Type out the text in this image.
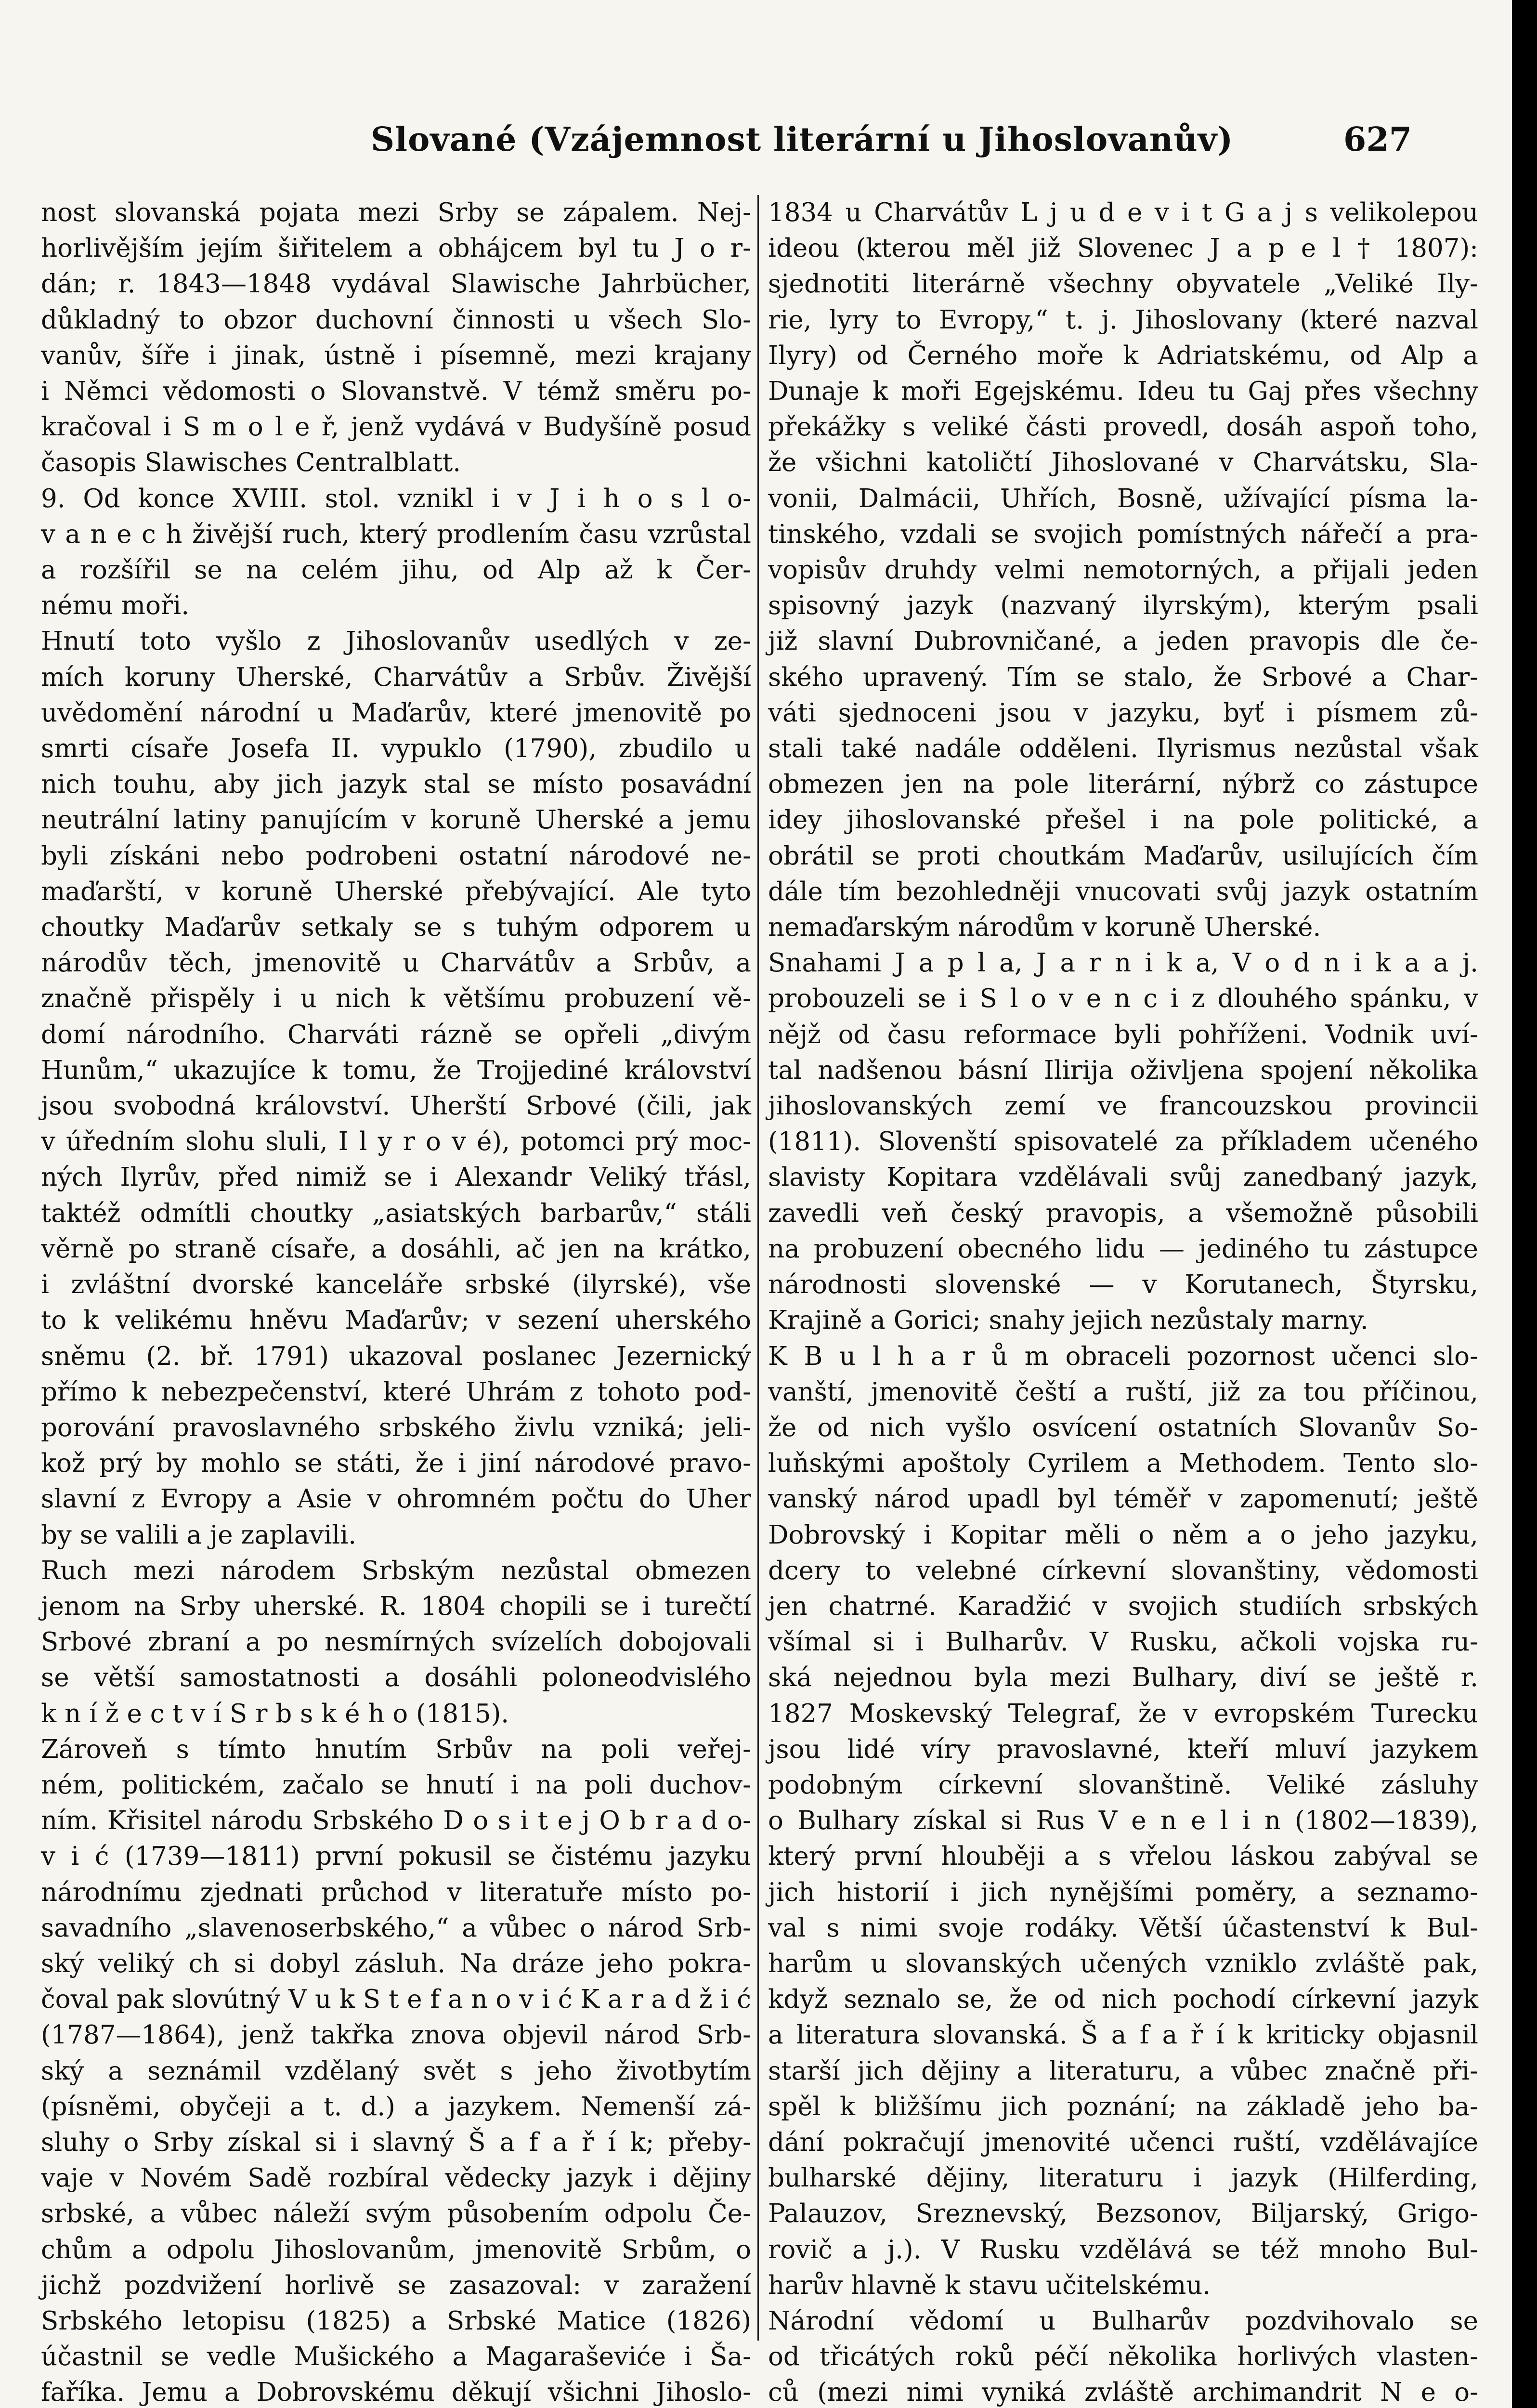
Slované (Vzájemnost literární u Jihoslovanův)	627

nost slovanská pojata mezi Srby se zápalem. Nej-

horlivějším jejím šiřitelem a obhájcem byl tu J o r-

dán; r. 1843—1848 vydával Slawische Jahrbücher,

důkladný to obzor duchovní činnosti u všech Slo-

vanův, šíře i jinak, ústně i písemně, mezi krajany

i Němci vědomosti o Slovanstvě. V témž směru po-

kračoval i S m o l e ř, jenž vydává v Budyšíně posud

časopis Slawisches Centralblatt.

9. Od konce XVIII. stol. vznikl i v J i h o s l o-

v a n e c h živější ruch, který prodlením času vzrůstal

a rozšířil se na celém jihu, od Alp až k Čer-

nému moři.

Hnutí toto vyšlo z Jihoslovanův usedlých v ze-

mích koruny Uherské, Charvátův a Srbův. Živější

uvědomění národní u Maďarův, které jmenovitě po

smrti císaře Josefa II. vypuklo (1790), zbudilo u

nich touhu, aby jich jazyk stal se místo posavádní

neutrální latiny panujícím v koruně Uherské a jemu

byli získáni nebo podrobeni ostatní národové ne-

maďarští, v koruně Uherské přebývající. Ale tyto

choutky Maďarův setkaly se s tuhým odporem u

národův těch, jmenovitě u Charvátův a Srbův, a

značně přispěly i u nich k většímu probuzení vě-

domí národního. Charváti rázně se opřeli „divým

Hunům,“ ukazujíce k tomu, že Trojjediné království

jsou svobodná království. Uherští Srbové (čili, jak

v úředním slohu sluli, I l y r o v é), potomci prý moc-

ných Ilyrův, před nimiž se i Alexandr Veliký třásl,

taktéž odmítli choutky „asiatských barbarův,“ stáli

věrně po straně císaře, a dosáhli, ač jen na krátko,

i zvláštní dvorské kanceláře srbské (ilyrské), vše

to k velikému hněvu Maďarův; v sezení uherského

sněmu (2. bř. 1791) ukazoval poslanec Jezernický

přímo k nebezpečenství, které Uhrám z tohoto pod-

porování pravoslavného srbského živlu vzniká; jeli-

kož prý by mohlo se státi, že i jiní národové pravo-

slavní z Evropy a Asie v ohromném počtu do Uher

by se valili a je zaplavili.

Ruch mezi národem Srbským nezůstal obmezen

jenom na Srby uherské. R. 1804 chopili se i turečtí

Srbové zbraní a po nesmírných svízelích dobojovali

se větší samostatnosti a dosáhli poloneodvislého

k n í ž e c t v í S r b s k é h o (1815).

Zároveň s tímto hnutím Srbův na poli veřej-

ném, politickém, začalo se hnutí i na poli duchov-

ním. Křisitel národu Srbského D o s i t e j O b r a d o-

v i ć (1739—1811) první pokusil se čistému jazyku

národnímu zjednati průchod v literatuře místo po-

savadního „slavenoserbského,“ a vůbec o národ Srb-

ský veliký ch si dobyl zásluh. Na dráze jeho pokra-

čoval pak slovútný V u k S t e f a n o v i ć K a r a d ž i ć

(1787—1864), jenž takřka znova objevil národ Srb-

ský a seznámil vzdělaný svět s jeho životbytím

(písněmi, obyčeji a t. d.) a jazykem. Nemenší zá-

sluhy o Srby získal si i slavný Š a f a ř í k; přeby-

vaje v Novém Sadě rozbíral vědecky jazyk i dějiny

srbské, a vůbec náleží svým působením odpolu Če-

chům a odpolu Jihoslovanům, jmenovitě Srbům, o

jichž pozdvižení horlivě se zasazoval: v zaražení

Srbského letopisu (1825) a Srbské Matice (1826)

účastnil se vedle Mušického a Magaraševiće i Ša-

faříka. Jemu a Dobrovskému děkují všichni Jihoslo-

1834 u Charvátův L j u d e v i t G a j s velikolepou

ideou (kterou měl již Slovenec J a p e l † 1807):

sjednotiti literárně všechny obyvatele „Veliké Ily-

rie, lyry to Evropy,“ t. j. Jihoslovany (které nazval

Ilyry) od Černého moře k Adriatskému, od Alp a

Dunaje k moři Egejskému. Ideu tu Gaj přes všechny

překážky s veliké části provedl, dosáh aspoň toho,

že všichni katoličtí Jihoslované v Charvátsku, Sla-

vonii, Dalmácii, Uhřích, Bosně, užívající písma la-

tinského, vzdali se svojich pomístných nářečí a pra-

vopisův druhdy velmi nemotorných, a přijali jeden

spisovný jazyk (nazvaný ilyrským), kterým psali

již slavní Dubrovničané, a jeden pravopis dle če-

ského upravený. Tím se stalo, že Srbové a Char-

váti sjednoceni jsou v jazyku, byť i písmem zů-

stali také nadále odděleni. Ilyrismus nezůstal však

obmezen jen na pole literární, nýbrž co zástupce

idey jihoslovanské přešel i na pole politické, a

obrátil se proti choutkám Maďarův, usilujících čím

dále tím bezohledněji vnucovati svůj jazyk ostatním

nemaďarským národům v koruně Uherské.

Snahami J a p l a, J a r n i k a, V o d n i k a a j.

probouzeli se i S l o v e n c i z dlouhého spánku, v

nějž od času reformace byli pohříženi. Vodnik uví-

tal nadšenou básní Ilirija oživljena spojení několika

jihoslovanských zemí ve francouzskou provincii

(1811). Slovenští spisovatelé za příkladem učeného

slavisty Kopitara vzdělávali svůj zanedbaný jazyk,

zavedli veň český pravopis, a všemožně působili

na probuzení obecného lidu — jediného tu zástupce

národnosti slovenské — v Korutanech, Štyrsku,

Krajině a Gorici; snahy jejich nezůstaly marny.

K B u l h a r ů m obraceli pozornost učenci slo-

vanští, jmenovitě čeští a ruští, již za tou příčinou,

že od nich vyšlo osvícení ostatních Slovanův So-

luňskými apoštoly Cyrilem a Methodem. Tento slo-

vanský národ upadl byl téměř v zapomenutí; ještě

Dobrovský i Kopitar měli o něm a o jeho jazyku,

dcery to velebné církevní slovanštiny, vědomosti

jen chatrné. Karadžić v svojich studiích srbských

všímal si i Bulharův. V Rusku, ačkoli vojska ru-

ská nejednou byla mezi Bulhary, diví se ještě r.

1827 Moskevský Telegraf, že v evropském Turecku

jsou lidé víry pravoslavné, kteří mluví jazykem

podobným církevní slovanštině. Veliké zásluhy

o Bulhary získal si Rus V e n e l i n (1802—1839),

který první hlouběji a s vřelou láskou zabýval se

jich historií i jich nynějšími poměry, a seznamo-

val s nimi svoje rodáky. Větší účastenství k Bul-

harům u slovanských učených vzniklo zvláště pak,

když seznalo se, že od nich pochodí církevní jazyk

a literatura slovanská. Š a f a ř í k kriticky objasnil

starší jich dějiny a literaturu, a vůbec značně při-

spěl k bližšímu jich poznání; na základě jeho ba-

dání pokračují jmenovité učenci ruští, vzdělávajíce

bulharské dějiny, literaturu i jazyk (Hilferding,

Palauzov, Sreznevský, Bezsonov, Biljarský, Grigo-

rovič a j.). V Rusku vzdělává se též mnoho Bul-

harův hlavně k stavu učitelskému.

Národní vědomí u Bulharův pozdvihovalo se

od třicátých roků péčí několika horlivých vlasten-

ců (mezi nimi vyniká zvláště archimandrit N e o-
